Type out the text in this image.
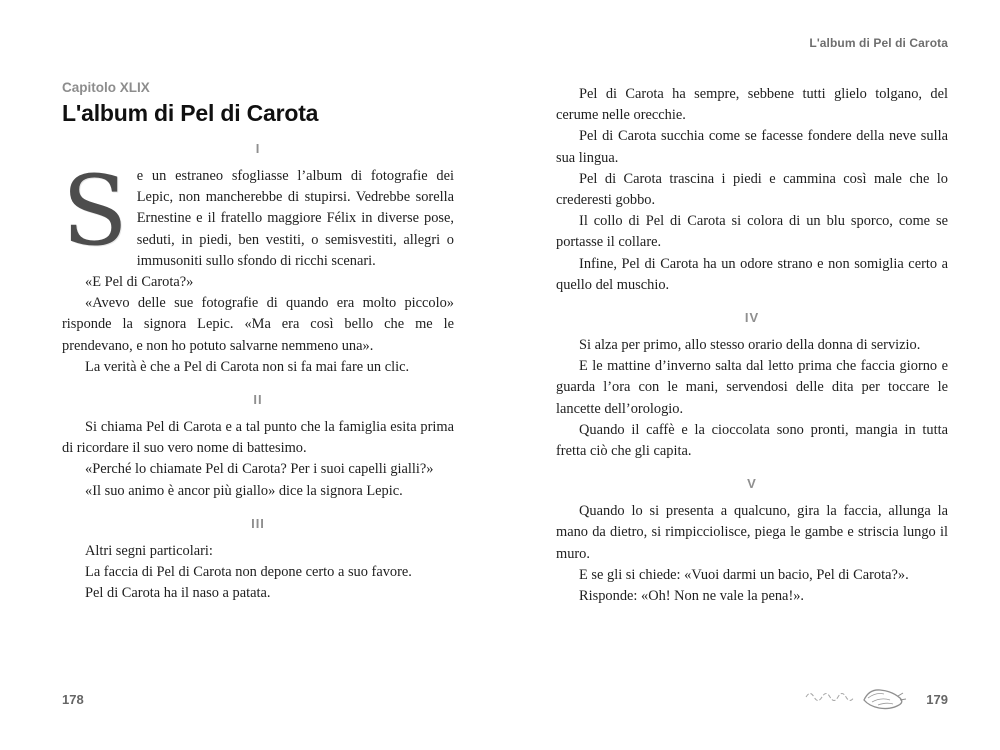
L'album di Pel di Carota
Capitolo XLIX
L'album di Pel di Carota
I

Se un estraneo sfogliasse l’album di fotografie dei Lepic, non mancherebbe di stupirsi. Vedrebbe sorella Ernestine e il fratello maggiore Félix in diverse pose, seduti, in piedi, ben vestiti, o semisvestiti, allegri o immusoniti sullo sfondo di ricchi scenari.

«E Pel di Carota?»

«Avevo delle sue fotografie di quando era molto piccolo» risponde la signora Lepic. «Ma era così bello che me le prendevano, e non ho potuto salvarne nemmeno una».

La verità è che a Pel di Carota non si fa mai fare un clic.

II

Si chiama Pel di Carota e a tal punto che la famiglia esita prima di ricordare il suo vero nome di battesimo.

«Perché lo chiamate Pel di Carota? Per i suoi capelli gialli?»

«Il suo animo è ancor più giallo» dice la signora Lepic.

III

Altri segni particolari:

La faccia di Pel di Carota non depone certo a suo favore.

Pel di Carota ha il naso a patata.

Pel di Carota ha sempre, sebbene tutti glielo tolgano, del cerume nelle orecchie.

Pel di Carota succhia come se facesse fondere della neve sulla sua lingua.

Pel di Carota trascina i piedi e cammina così male che lo crederesti gobbo.

Il collo di Pel di Carota si colora di un blu sporco, come se portasse il collare.

Infine, Pel di Carota ha un odore strano e non somiglia certo a quello del muschio.

IV

Si alza per primo, allo stesso orario della donna di servizio.

E le mattine d’inverno salta dal letto prima che faccia giorno e guarda l’ora con le mani, servendosi delle dita per toccare le lancette dell’orologio.

Quando il caffè e la cioccolata sono pronti, mangia in tutta fretta ciò che gli capita.

V

Quando lo si presenta a qualcuno, gira la faccia, allunga la mano da dietro, si rimpicciolisce, piega le gambe e striscia lungo il muro.

E se gli si chiede: «Vuoi darmi un bacio, Pel di Carota?».

Risponde: «Oh! Non ne vale la pena!».

178	179
